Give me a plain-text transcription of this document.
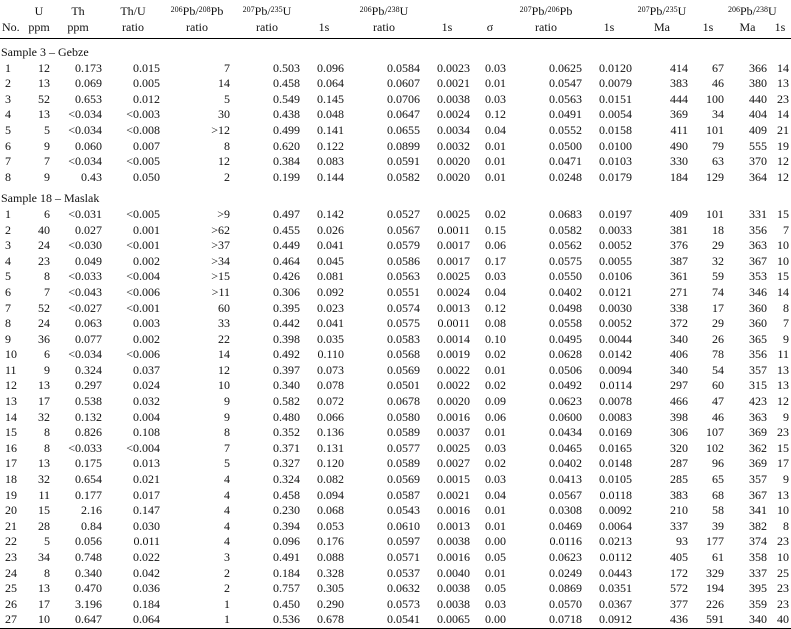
	U	Th	Th/U	$^{206}$Pb/$^{208}$Pb	$^{207}$Pb/$^{235}$U		$^{206}$Pb/$^{238}$U			$^{207}$Pb/$^{206}$Pb		$^{207}$Pb/$^{235}$U		$^{206}$Pb/$^{238}$U	
No.	ppm	ppm	ratio	ratio	ratio	1s	ratio	1s	σ	ratio	1s	Ma	1s	Ma	1s
Sample 3 – Gebze															
1	12	0.173	0.015	7	0.503	0.096	0.0584	0.0023	0.03	0.0625	0.0120	414	67	366	14
2	13	0.069	0.005	14	0.458	0.064	0.0607	0.0021	0.01	0.0547	0.0079	383	46	380	13
3	52	0.653	0.012	5	0.549	0.145	0.0706	0.0038	0.03	0.0563	0.0151	444	100	440	23
4	13	<0.034	<0.003	30	0.438	0.048	0.0647	0.0024	0.12	0.0491	0.0054	369	34	404	14
5	5	<0.034	<0.008	>12	0.499	0.141	0.0655	0.0034	0.04	0.0552	0.0158	411	101	409	21
6	9	0.060	0.007	8	0.620	0.122	0.0899	0.0032	0.01	0.0500	0.0100	490	79	555	19
7	7	<0.034	<0.005	12	0.384	0.083	0.0591	0.0020	0.01	0.0471	0.0103	330	63	370	12
8	9	0.43	0.050	2	0.199	0.144	0.0582	0.0020	0.01	0.0248	0.0179	184	129	364	12
Sample 18 – Maslak															
1	6	<0.031	<0.005	>9	0.497	0.142	0.0527	0.0025	0.02	0.0683	0.0197	409	101	331	15
2	40	0.027	0.001	>62	0.455	0.026	0.0567	0.0011	0.15	0.0582	0.0033	381	18	356	7
3	24	<0.030	<0.001	>37	0.449	0.041	0.0579	0.0017	0.06	0.0562	0.0052	376	29	363	10
4	23	0.049	0.002	>34	0.464	0.045	0.0586	0.0017	0.17	0.0575	0.0055	387	32	367	10
5	8	<0.033	<0.004	>15	0.426	0.081	0.0563	0.0025	0.03	0.0550	0.0106	361	59	353	15
6	7	<0.043	<0.006	>11	0.306	0.092	0.0551	0.0024	0.04	0.0402	0.0121	271	74	346	14
7	52	<0.027	<0.001	60	0.395	0.023	0.0574	0.0013	0.12	0.0498	0.0030	338	17	360	8
8	24	0.063	0.003	33	0.442	0.041	0.0575	0.0011	0.08	0.0558	0.0052	372	29	360	7
9	36	0.077	0.002	22	0.398	0.035	0.0583	0.0014	0.10	0.0495	0.0044	340	26	365	9
10	6	<0.034	<0.006	14	0.492	0.110	0.0568	0.0019	0.02	0.0628	0.0142	406	78	356	11
11	9	0.324	0.037	12	0.397	0.073	0.0569	0.0022	0.01	0.0506	0.0094	340	54	357	13
12	13	0.297	0.024	10	0.340	0.078	0.0501	0.0022	0.02	0.0492	0.0114	297	60	315	13
13	17	0.538	0.032	9	0.582	0.072	0.0678	0.0020	0.09	0.0623	0.0078	466	47	423	12
14	32	0.132	0.004	9	0.480	0.066	0.0580	0.0016	0.06	0.0600	0.0083	398	46	363	9
15	8	0.826	0.108	8	0.352	0.136	0.0589	0.0037	0.01	0.0434	0.0169	306	107	369	23
16	8	<0.033	<0.004	7	0.371	0.131	0.0577	0.0025	0.03	0.0465	0.0165	320	102	362	15
17	13	0.175	0.013	5	0.327	0.120	0.0589	0.0027	0.02	0.0402	0.0148	287	96	369	17
18	32	0.654	0.021	4	0.324	0.082	0.0569	0.0015	0.03	0.0413	0.0105	285	65	357	9
19	11	0.177	0.017	4	0.458	0.094	0.0587	0.0021	0.04	0.0567	0.0118	383	68	367	13
20	15	2.16	0.147	4	0.230	0.068	0.0543	0.0016	0.01	0.0308	0.0092	210	58	341	10
21	28	0.84	0.030	4	0.394	0.053	0.0610	0.0013	0.01	0.0469	0.0064	337	39	382	8
22	5	0.056	0.011	4	0.096	0.176	0.0597	0.0038	0.00	0.0116	0.0213	93	177	374	23
23	34	0.748	0.022	3	0.491	0.088	0.0571	0.0016	0.05	0.0623	0.0112	405	61	358	10
24	8	0.340	0.042	2	0.184	0.328	0.0537	0.0040	0.01	0.0249	0.0443	172	329	337	25
25	13	0.470	0.036	2	0.757	0.305	0.0632	0.0038	0.05	0.0869	0.0351	572	194	395	23
26	17	3.196	0.184	1	0.450	0.290	0.0573	0.0038	0.03	0.0570	0.0367	377	226	359	23
27	10	0.647	0.064	1	0.536	0.678	0.0541	0.0065	0.00	0.0718	0.0912	436	591	340	40
